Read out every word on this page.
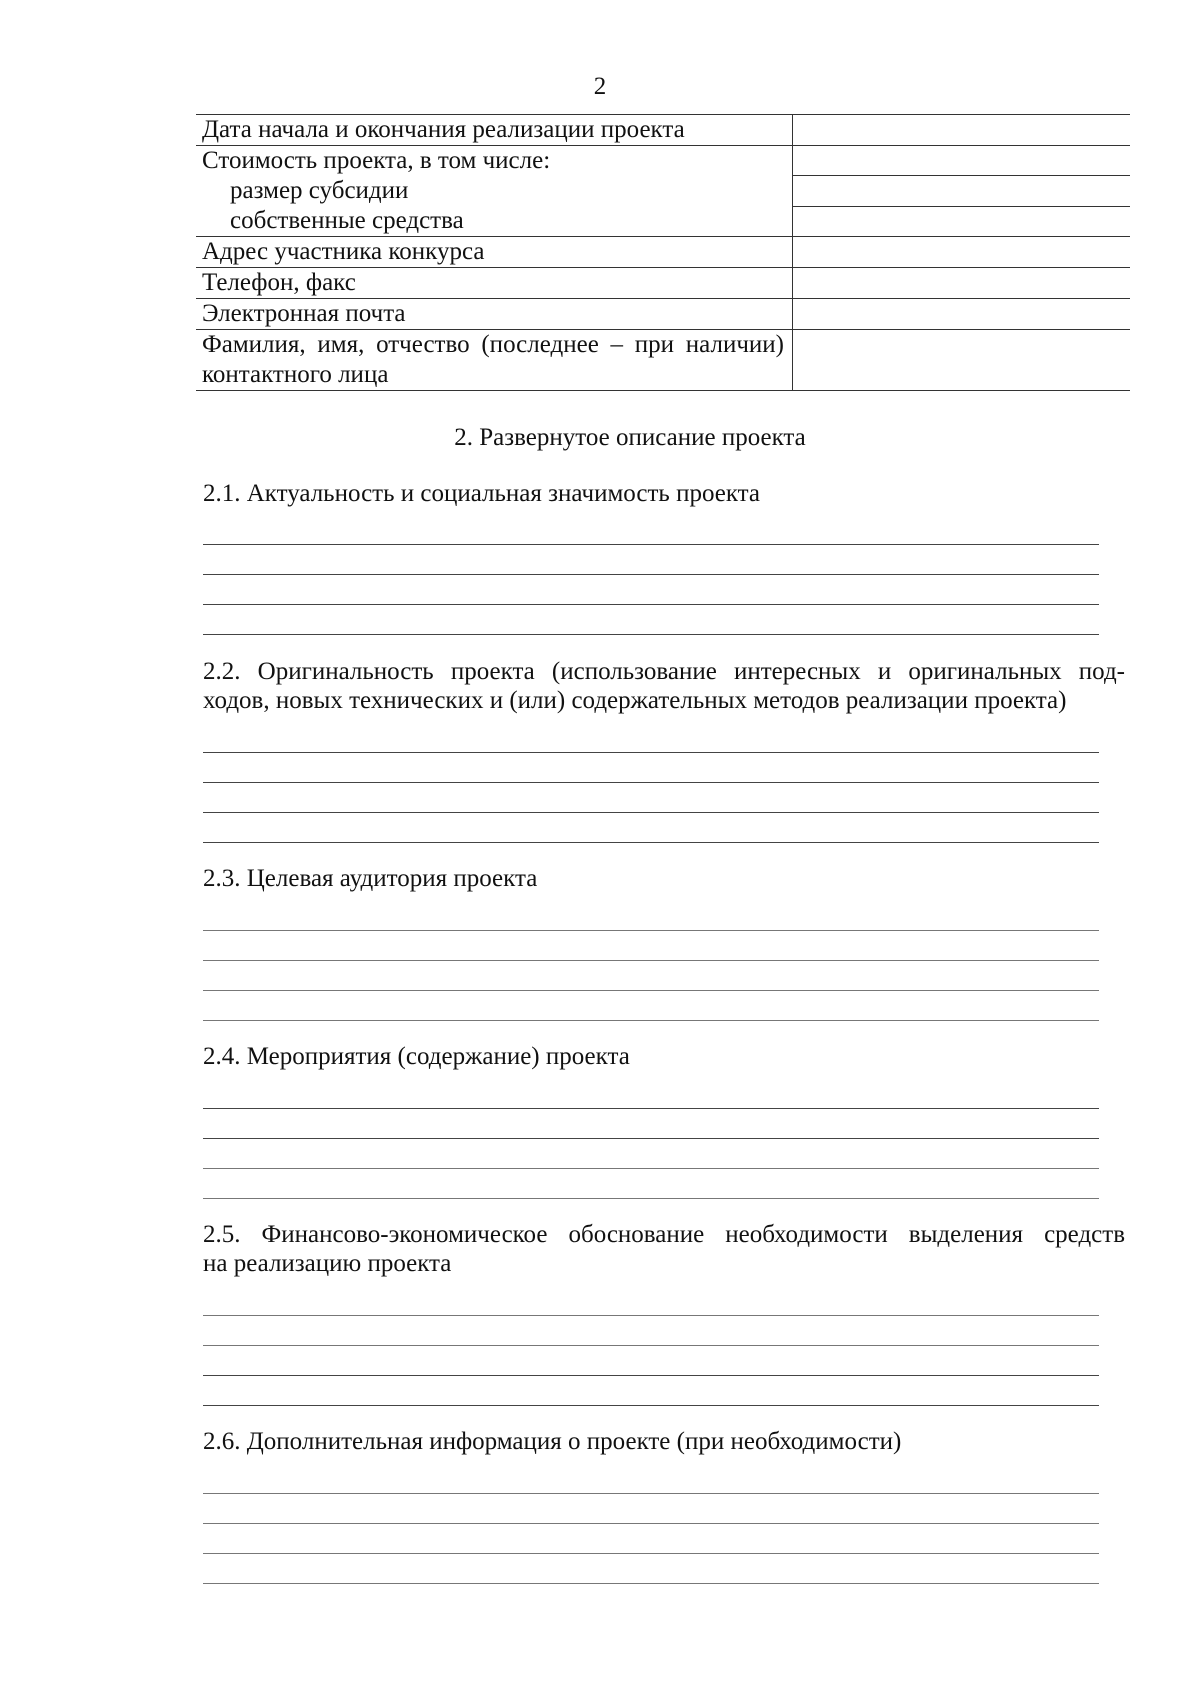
2
Дата начала и окончания реализации проекта
Стоимость проекта, в том числе:
размер субсидии
собственные средства
Адрес участника конкурса
Телефон, факс
Электронная почта
Фамилия, имя, отчество (последнее – при наличии)
контактного лица
2. Развернутое описание проекта

2.1. Актуальность и социальная значимость проекта

2.2. Оригинальность проекта (использование интересных и оригинальных под-
ходов, новых технических и (или) содержательных методов реализации проекта)

2.3. Целевая аудитория проекта

2.4. Мероприятия (содержание) проекта

2.5. Финансово-экономическое обоснование необходимости выделения средств
на реализацию проекта

2.6. Дополнительная информация о проекте (при необходимости)
